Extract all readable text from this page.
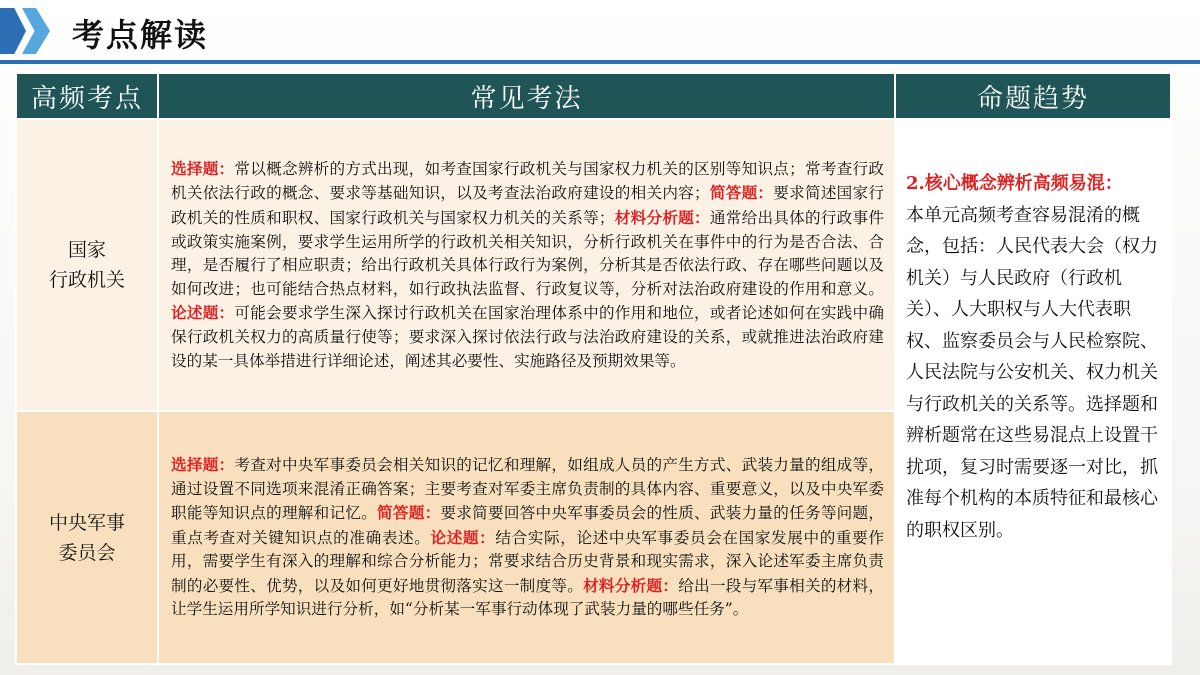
考点解读
高频考点	常见考法	命题趋势
国家
行政机关	选择题：常以概念辨析的方式出现，如考查国家行政机关与国家权力机关的区别等知识点；常考查行政机关依法行政的概念、要求等基础知识，以及考查法治政府建设的相关内容；简答题：要求简述国家行政机关的性质和职权、国家行政机关与国家权力机关的关系等；材料分析题：通常给出具体的行政事件或政策实施案例，要求学生运用所学的行政机关相关知识，分析行政机关在事件中的行为是否合法、合理，是否履行了相应职责；给出行政机关具体行政行为案例，分析其是否依法行政、存在哪些问题以及如何改进；也可能结合热点材料，如行政执法监督、行政复议等，分析对法治政府建设的作用和意义。论述题：可能会要求学生深入探讨行政机关在国家治理体系中的作用和地位，或者论述如何在实践中确保行政机关权力的高质量行使等；要求深入探讨依法行政与法治政府建设的关系，或就推进法治政府建设的某一具体举措进行详细论述，阐述其必要性、实施路径及预期效果等。	2.核心概念辨析高频易混：
本单元高频考查容易混淆的概念，包括：人民代表大会（权力机关）与人民政府（行政机关）、人大职权与人大代表职权、监察委员会与人民检察院、人民法院与公安机关、权力机关与行政机关的关系等。选择题和辨析题常在这些易混点上设置干扰项，复习时需要逐一对比，抓准每个机构的本质特征和最核心的职权区别。

中央军事
委员会	选择题：考查对中央军事委员会相关知识的记忆和理解，如组成人员的产生方式、武装力量的组成等，通过设置不同选项来混淆正确答案；主要考查对军委主席负责制的具体内容、重要意义，以及中央军委职能等知识点的理解和记忆。简答题：要求简要回答中央军事委员会的性质、武装力量的任务等问题，重点考查对关键知识点的准确表述。论述题：结合实际，论述中央军事委员会在国家发展中的重要作用，需要学生有深入的理解和综合分析能力；常要求结合历史背景和现实需求，深入论述军委主席负责制的必要性、优势，以及如何更好地贯彻落实这一制度等。材料分析题：给出一段与军事相关的材料，让学生运用所学知识进行分析，如“分析某一军事行动体现了武装力量的哪些任务”。	
